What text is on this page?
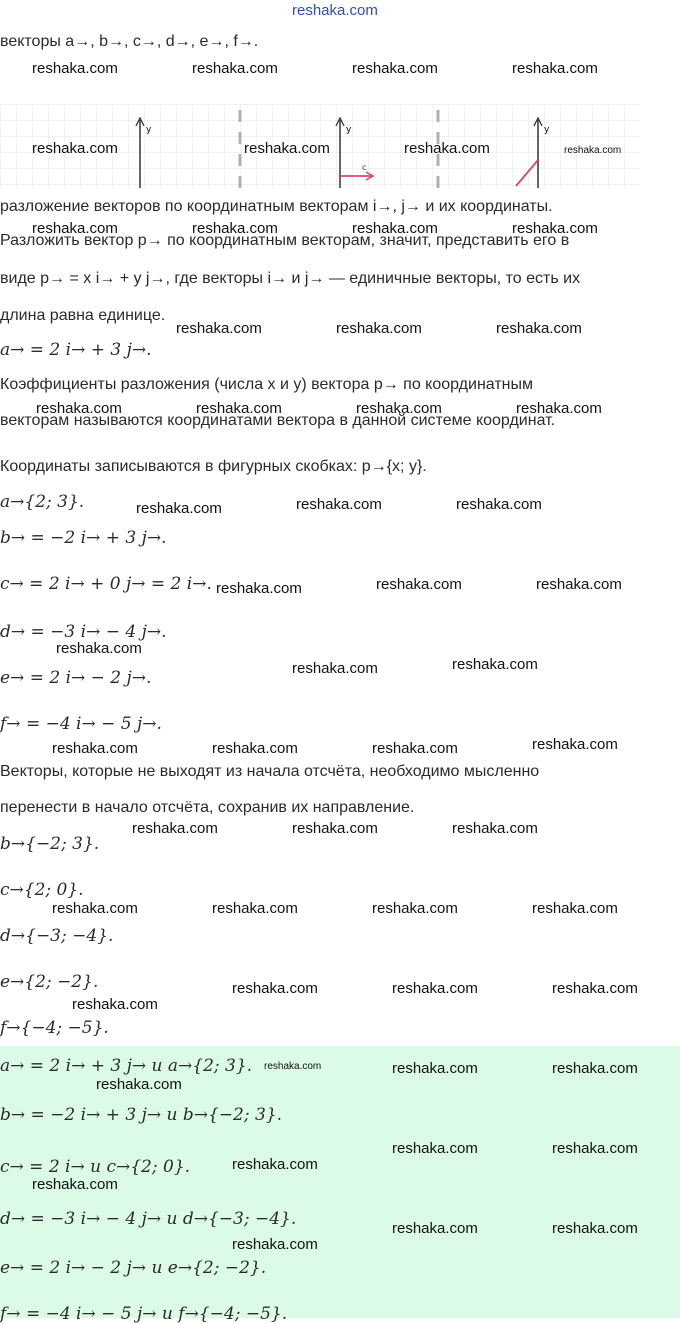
reshaka.com
y	y
c
y
векторы a→, b→, c→, d→, e→, f→.
разложение векторов по координатным векторам i→, j→ и их координаты.
Разложить вектор p→ по координатным векторам, значит, представить его в
виде p→ = x i→ + y j→, где векторы i→ и j→ — единичные векторы, то есть их
длина равна единице.
a→ = 2 i→ + 3 j→.
Коэффициенты разложения (числа x и y) вектора p→ по координатным
векторам называются координатами вектора в данной системе координат.
Координаты записываются в фигурных скобках: p→{x; y}.
a→{2; 3}.
b→ = −2 i→ + 3 j→.
c→ = 2 i→ + 0 j→ = 2 i→.
d→ = −3 i→ − 4 j→.
e→ = 2 i→ − 2 j→.
f→ = −4 i→ − 5 j→.
Векторы, которые не выходят из начала отсчёта, необходимо мысленно
перенести в начало отсчёта, сохранив их направление.
b→{−2; 3}.
c→{2; 0}.
d→{−3; −4}.
e→{2; −2}.
f→{−4; −5}.
a→ = 2 i→ + 3 j→ и a→{2; 3}.
b→ = −2 i→ + 3 j→ и b→{−2; 3}.
c→ = 2 i→ и c→{2; 0}.
d→ = −3 i→ − 4 j→ и d→{−3; −4}.
e→ = 2 i→ − 2 j→ и e→{2; −2}.
f→ = −4 i→ − 5 j→ и f→{−4; −5}.
reshaka.com	reshaka.com	reshaka.com	reshaka.com
reshaka.com	reshaka.com	reshaka.com	reshaka.com
reshaka.com	reshaka.com	reshaka.com	reshaka.com
reshaka.com	reshaka.com	reshaka.com
reshaka.com	reshaka.com	reshaka.com	reshaka.com
reshaka.com	reshaka.com	reshaka.com
reshaka.com	reshaka.com	reshaka.com
reshaka.com
reshaka.com	reshaka.com
reshaka.com	reshaka.com	reshaka.com	reshaka.com
reshaka.com	reshaka.com	reshaka.com
reshaka.com	reshaka.com	reshaka.com	reshaka.com
reshaka.com	reshaka.com	reshaka.com
reshaka.com
reshaka.com	reshaka.com	reshaka.com
reshaka.com
reshaka.com	reshaka.com
reshaka.com
reshaka.com
reshaka.com	reshaka.com
reshaka.com
